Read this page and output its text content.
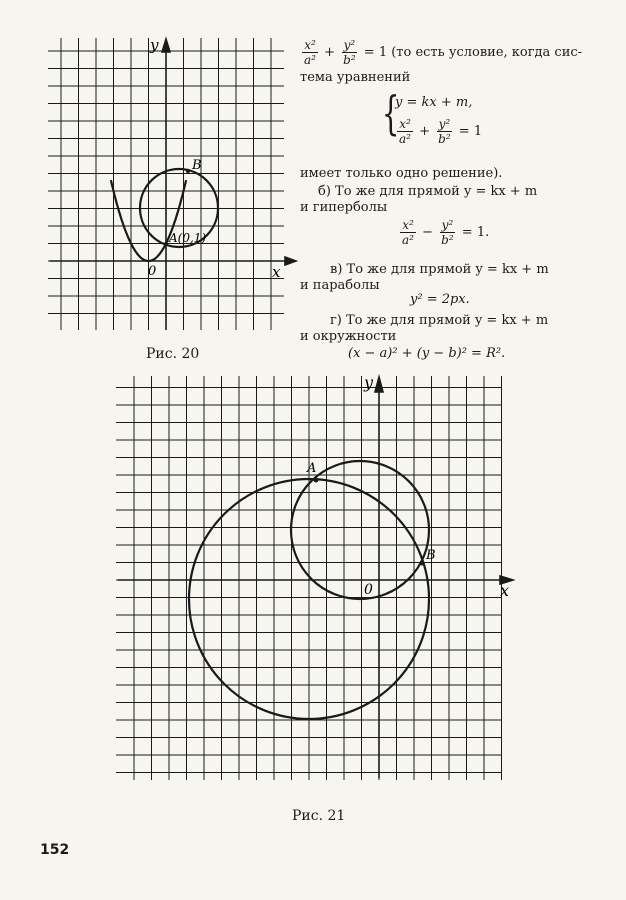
y
x
0
B
A(0,1)
$\frac{\text{x²}}{\text{a²}} + \frac{\text{y²}}{\text{b²}} = 1$ (то есть условие, когда сис-
тема уравнений
{
y = kx + m,
$\frac{\text{x²}}{\text{a²}} + \frac{\text{y²}}{\text{b²}} = 1$
имеет только одно решение).
б) То же для прямой y = kx + m
и гиперболы
$\frac{\text{x²}}{\text{a²}} - \frac{\text{y²}}{\text{b²}} = 1$.
в) То же для прямой y = kx + m
и параболы
y² = 2px.
г) То же для прямой y = kx + m
и окружности
(x − a)² + (y − b)² = R².
Рис. 20
y
x
0
A
B
Рис. 21
152
